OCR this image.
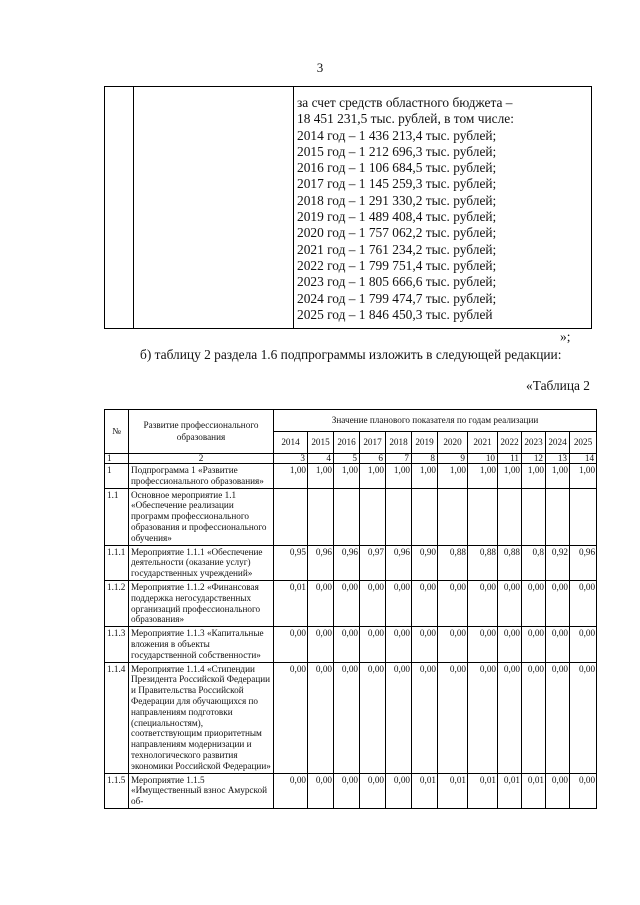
3
за счет средств областного бюджета –
18 451 231,5 тыс. рублей, в том числе:
2014 год – 1 436 213,4 тыс. рублей;
2015 год – 1 212 696,3 тыс. рублей;
2016 год – 1 106 684,5 тыс. рублей;
2017 год – 1 145 259,3 тыс. рублей;
2018 год – 1 291 330,2 тыс. рублей;
2019 год – 1 489 408,4 тыс. рублей;
2020 год – 1 757 062,2 тыс. рублей;
2021 год – 1 761 234,2 тыс. рублей;
2022 год – 1 799 751,4 тыс. рублей;
2023 год – 1 805 666,6 тыс. рублей;
2024 год – 1 799 474,7 тыс. рублей;
2025 год – 1 846 450,3 тыс. рублей
»;
б) таблицу 2 раздела 1.6 подпрограммы изложить в следующей редакции:
«Таблица 2
№	Развитие профессионального образования	Значение планового показателя по годам реализации											
		2014	2015	2016	2017	2018	2019	2020	2021	2022	2023	2024	2025
1	2	3	4	5	6	7	8	9	10	11	12	13	14
1	Подпрограмма 1 «Развитие профессионального образования»	1,00	1,00	1,00	1,00	1,00	1,00	1,00	1,00	1,00	1,00	1,00	1,00
1.1	Основное мероприятие 1.1 «Обеспечение реализации программ профессионального образования и профессионального обучения»												
1.1.1	Мероприятие 1.1.1 «Обеспечение деятельности (оказание услуг) государственных учреждений»	0,95	0,96	0,96	0,97	0,96	0,90	0,88	0,88	0,88	0,8	0,92	0,96
1.1.2	Мероприятие 1.1.2 «Финансовая поддержка негосударственных организаций профессионального образования»	0,01	0,00	0,00	0,00	0,00	0,00	0,00	0,00	0,00	0,00	0,00	0,00
1.1.3	Мероприятие 1.1.3 «Капитальные вложения в объекты государственной собственности»	0,00	0,00	0,00	0,00	0,00	0,00	0,00	0,00	0,00	0,00	0,00	0,00
1.1.4	Мероприятие 1.1.4 «Стипендии Президента Российской Федерации и Правительства Российской Федерации для обучающихся по направлениям подготовки (специальностям), соответствующим приоритетным направлениям модернизации и технологического развития экономики Российской Федерации»	0,00	0,00	0,00	0,00	0,00	0,00	0,00	0,00	0,00	0,00	0,00	0,00
1.1.5	Мероприятие 1.1.5 «Имущественный взнос Амурской об-	0,00	0,00	0,00	0,00	0,00	0,01	0,01	0,01	0,01	0,01	0,00	0,00
